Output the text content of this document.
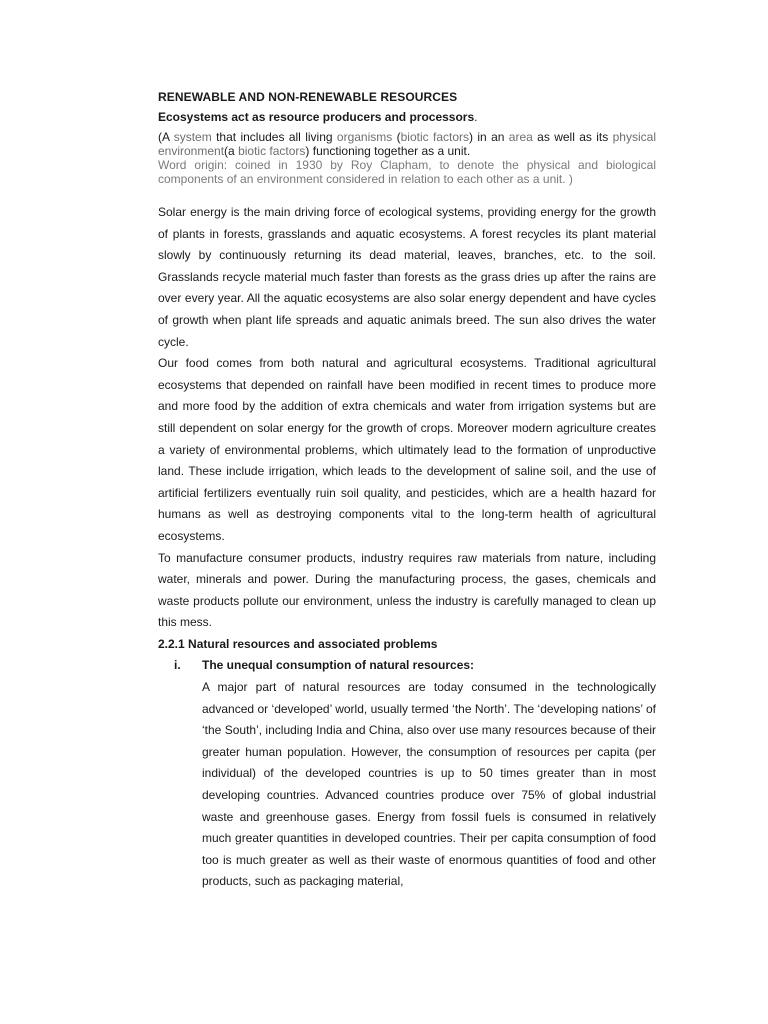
RENEWABLE AND NON-RENEWABLE RESOURCES
Ecosystems act as resource producers and processors.
(A system that includes all living organisms (biotic factors) in an area as well as its physical environment(a biotic factors) functioning together as a unit.
Word origin: coined in 1930 by Roy Clapham, to denote the physical and biological components of an environment considered in relation to each other as a unit. )

Solar energy is the main driving force of ecological systems, providing energy for the growth of plants in forests, grasslands and aquatic ecosystems. A forest recycles its plant material slowly by continuously returning its dead material, leaves, branches, etc. to the soil. Grasslands recycle material much faster than forests as the grass dries up after the rains are over every year. All the aquatic ecosystems are also solar energy dependent and have cycles of growth when plant life spreads and aquatic animals breed. The sun also drives the water cycle.

Our food comes from both natural and agricultural ecosystems. Traditional agricultural ecosystems that depended on rainfall have been modified in recent times to produce more and more food by the addition of extra chemicals and water from irrigation systems but are still dependent on solar energy for the growth of crops. Moreover modern agriculture creates a variety of environmental problems, which ultimately lead to the formation of unproductive land. These include irrigation, which leads to the development of saline soil, and the use of artificial fertilizers eventually ruin soil quality, and pesticides, which are a health hazard for humans as well as destroying components vital to the long-term health of agricultural ecosystems.

To manufacture consumer products, industry requires raw materials from nature, including water, minerals and power. During the manufacturing process, the gases, chemicals and waste products pollute our environment, unless the industry is carefully managed to clean up this mess.

2.2.1 Natural resources and associated problems
i. The unequal consumption of natural resources:

A major part of natural resources are today consumed in the technologically advanced or ‘developed’ world, usually termed ‘the North’. The ‘developing nations’ of ‘the South’, including India and China, also over use many resources because of their greater human population. However, the consumption of resources per capita (per individual) of the developed countries is up to 50 times greater than in most developing countries. Advanced countries produce over 75% of global industrial waste and greenhouse gases. Energy from fossil fuels is consumed in relatively much greater quantities in developed countries. Their per capita consumption of food too is much greater as well as their waste of enormous quantities of food and other products, such as packaging material,
